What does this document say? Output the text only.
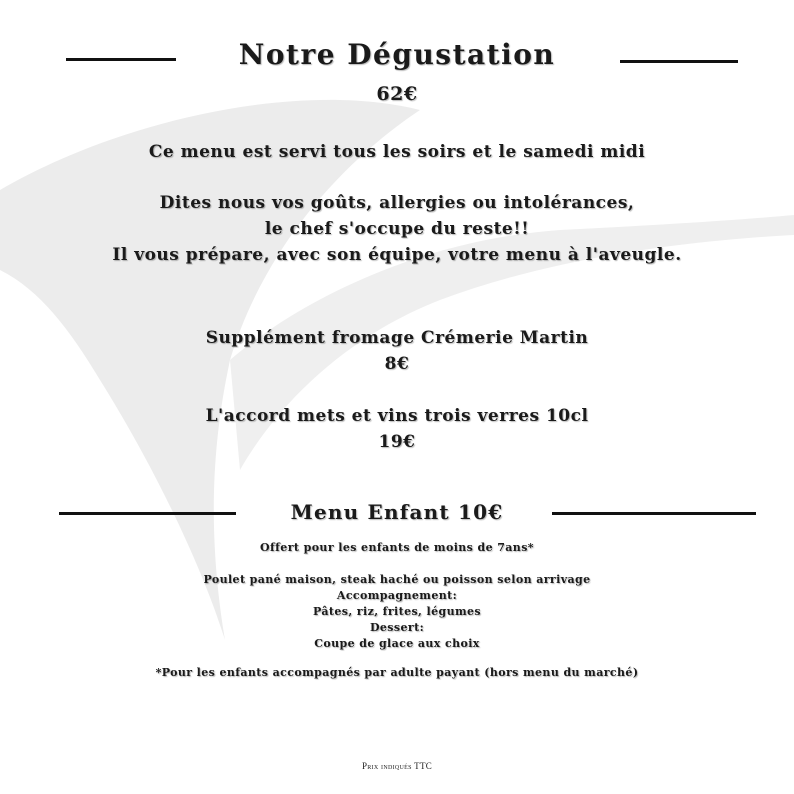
Notre Dégustation
62€
Ce menu est servi tous les soirs et le samedi midi
Dites nous vos goûts, allergies ou intolérances,
le chef s'occupe du reste!!
Il vous prépare, avec son équipe, votre menu à l'aveugle.
Supplément fromage Crémerie Martin
8€
L'accord mets et vins trois verres 10cl
19€
Menu Enfant 10€
Offert pour les enfants de moins de 7ans*
Poulet pané maison, steak haché ou poisson selon arrivage
Accompagnement:
Pâtes, riz, frites, légumes
Dessert:
Coupe de glace aux choix
*Pour les enfants accompagnés par adulte payant (hors menu du marché)
Prix indiqués TTC
